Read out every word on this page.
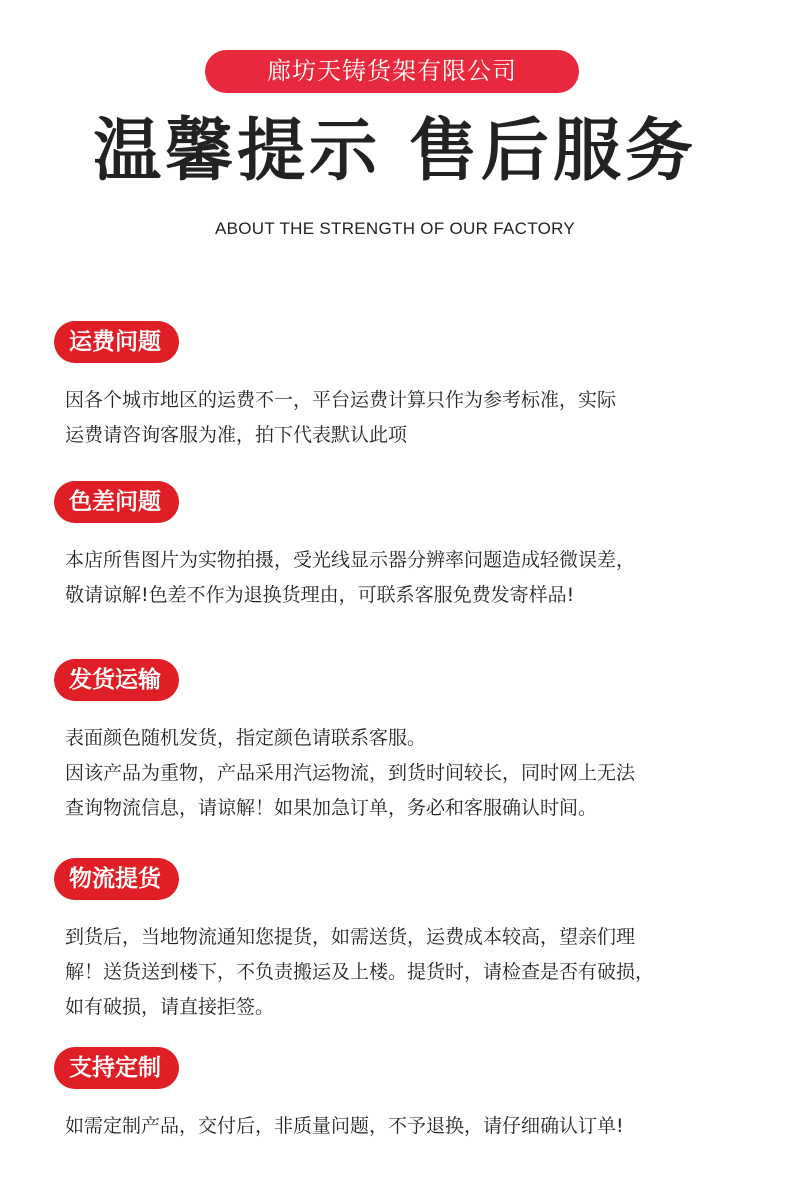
廊坊天铸货架有限公司
温馨提示 售后服务
ABOUT THE STRENGTH OF OUR FACTORY
运费问题
因各个城市地区的运费不一，平台运费计算只作为参考标准，实际
运费请咨询客服为准，拍下代表默认此项
色差问题
本店所售图片为实物拍摄，受光线显示器分辨率问题造成轻微误差，
敬请谅解!色差不作为退换货理由，可联系客服免费发寄样品!
发货运输
表面颜色随机发货，指定颜色请联系客服。
因该产品为重物，产品采用汽运物流，到货时间较长，同时网上无法
查询物流信息，请谅解！如果加急订单，务必和客服确认时间。
物流提货
到货后，当地物流通知您提货，如需送货，运费成本较高，望亲们理
解！送货送到楼下，不负责搬运及上楼。提货时，请检查是否有破损，
如有破损，请直接拒签。
支持定制
如需定制产品，交付后，非质量问题，不予退换，请仔细确认订单!
